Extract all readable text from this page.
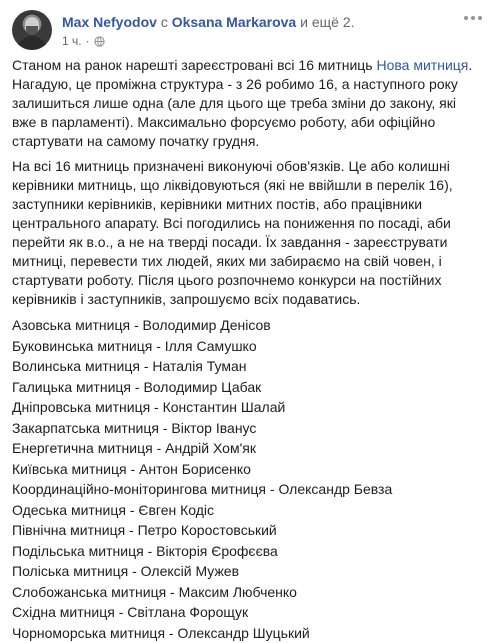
Max Nefyodov с Oksana Markarova и ещё 2.
1 ч. ·

Станом на ранок нарешті зареєстровані всі 16 митниць Нова митниця. Нагадую, це проміжна структура - з 26 робимо 16, а наступного року залишиться лише одна (але для цього ще треба зміни до закону, які вже в парламенті). Максимально форсуємо роботу, аби офіційно стартувати на самому початку грудня.

На всі 16 митниць призначені виконуючі обов'язків. Це або колишні керівники митниць, що ліквідовуються (які не ввійшли в перелік 16), заступники керівників, керівники митних постів, або працівники центрального апарату. Всі погодились на пониження по посаді, аби перейти як в.о., а не на тверді посади. Їх завдання - зареєструвати митниці, перевести тих людей, яких ми забираємо на свій човен, і стартувати роботу. Після цього розпочнемо конкурси на постійних керівників і заступників, запрошуємо всіх подаватись.

Азовська митниця - Володимир Денісов
Буковинська митниця - Ілля Самушко
Волинська митниця - Наталія Туман
Галицька митниця - Володимир Цабак
Дніпровська митниця - Константин Шалай
Закарпатська митниця - Віктор Іванус
Енергетична митниця - Андрій Хом'як
Київська митниця - Антон Борисенко
Координаційно-моніторингова митниця - Олександр Бевза
Одеська митниця - Євген Кодіс
Північна митниця - Петро Коростовський
Подільська митниця - Вікторія Єрофєєва
Поліська митниця - Олексій Мужев
Слобожанська митниця - Максим Любченко
Східна митниця - Світлана Форощук
Чорноморська митниця - Олександр Шуцький
